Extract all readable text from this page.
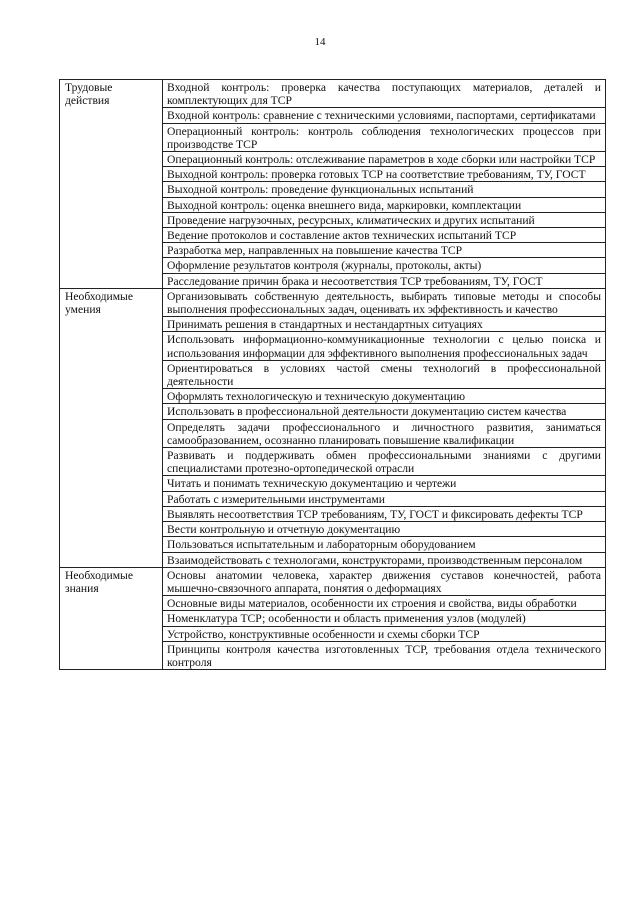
14
Трудовые действия	Входной контроль: проверка качества поступающих материалов, деталей и комплектующих для ТСР
	Входной контроль: сравнение с техническими условиями, паспортами, сертификатами
	Операционный контроль: контроль соблюдения технологических процессов при производстве ТСР
	Операционный контроль: отслеживание параметров в ходе сборки или настройки ТСР
	Выходной контроль: проверка готовых ТСР на соответствие требованиям, ТУ, ГОСТ
	Выходной контроль: проведение функциональных испытаний
	Выходной контроль: оценка внешнего вида, маркировки, комплектации
	Проведение нагрузочных, ресурсных, климатических и других испытаний
	Ведение протоколов и составление актов технических испытаний ТСР
	Разработка мер, направленных на повышение качества ТСР
	Оформление результатов контроля (журналы, протоколы, акты)
	Расследование причин брака и несоответствия ТСР требованиям, ТУ, ГОСТ
Необходимые умения	Организовывать собственную деятельность, выбирать типовые методы и способы выполнения профессиональных задач, оценивать их эффективность и качество
	Принимать решения в стандартных и нестандартных ситуациях
	Использовать информационно-коммуникационные технологии с целью поиска и использования информации для эффективного выполнения профессиональных задач
	Ориентироваться в условиях частой смены технологий в профессиональной деятельности
	Оформлять технологическую и техническую документацию
	Использовать в профессиональной деятельности документацию систем качества
	Определять задачи профессионального и личностного развития, заниматься самообразованием, осознанно планировать повышение квалификации
	Развивать и поддерживать обмен профессиональными знаниями с другими специалистами протезно-ортопедической отрасли
	Читать и понимать техническую документацию и чертежи
	Работать с измерительными инструментами
	Выявлять несоответствия ТСР требованиям, ТУ, ГОСТ и фиксировать дефекты ТСР
	Вести контрольную и отчетную документацию
	Пользоваться испытательным и лабораторным оборудованием
	Взаимодействовать с технологами, конструкторами, производственным персоналом
Необходимые знания	Основы анатомии человека, характер движения суставов конечностей, работа мышечно-связочного аппарата, понятия о деформациях
	Основные виды материалов, особенности их строения и свойства, виды обработки
	Номенклатура ТСР; особенности и область применения узлов (модулей)
	Устройство, конструктивные особенности и схемы сборки ТСР
	Принципы контроля качества изготовленных ТСР, требования отдела технического контроля
